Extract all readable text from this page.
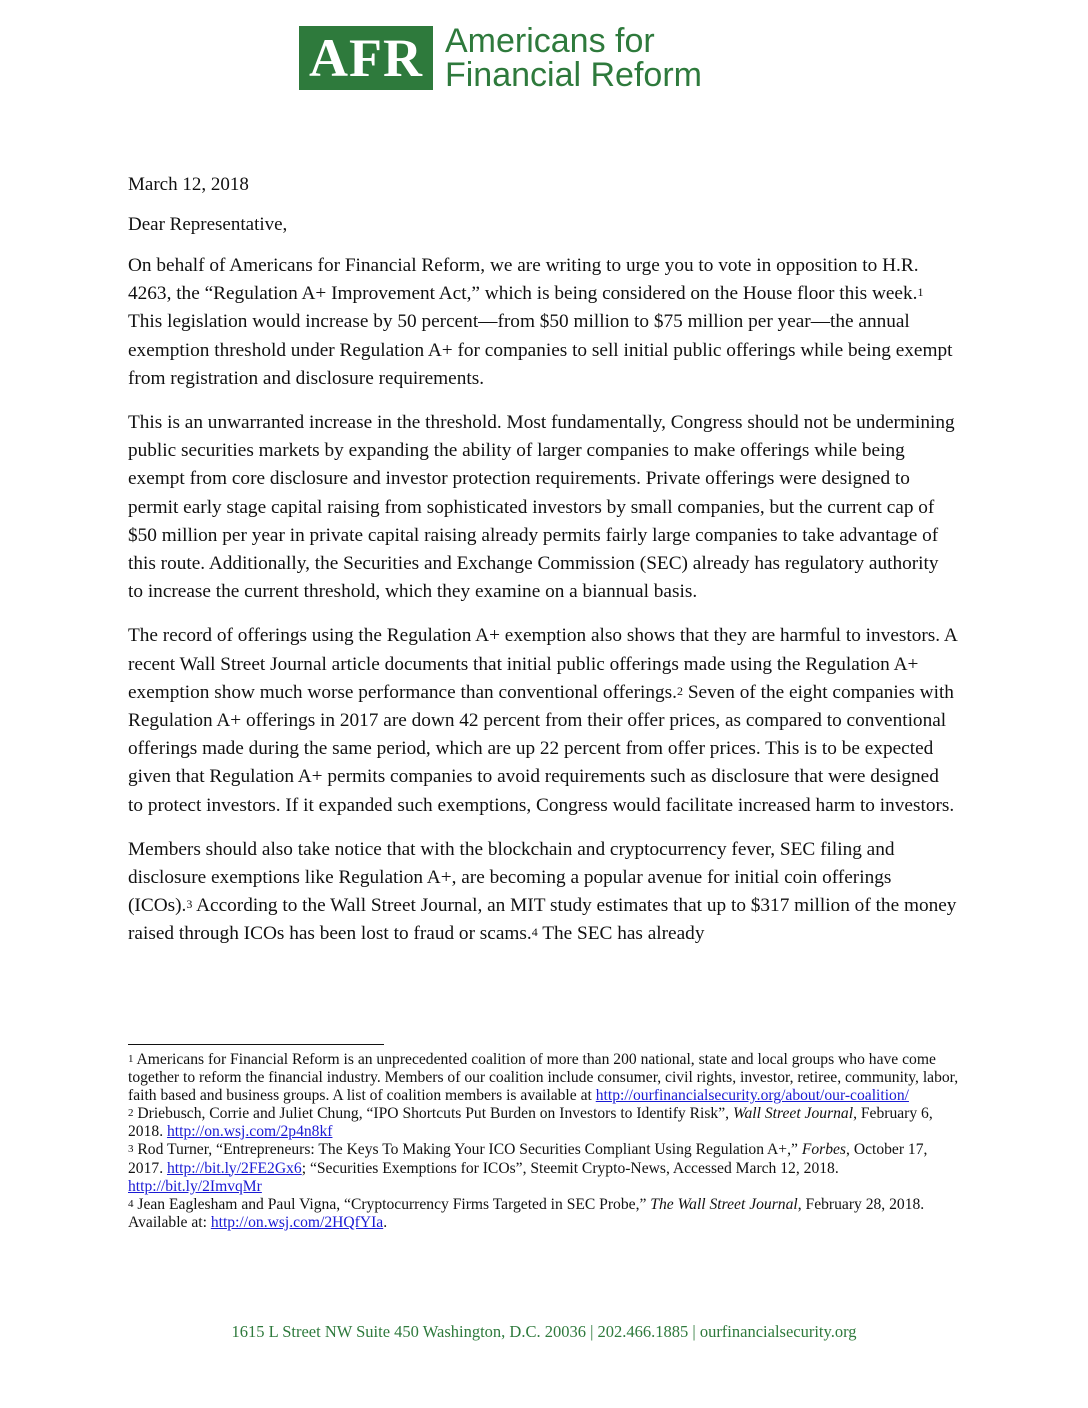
AFR Americans for
Financial Reform

March 12, 2018

Dear Representative,

On behalf of Americans for Financial Reform, we are writing to urge you to vote in opposition to H.R. 4263, the “Regulation A+ Improvement Act,” which is being considered on the House floor this week.$^1$ This legislation would increase by 50 percent—from $50 million to $75 million per year—the annual exemption threshold under Regulation A+ for companies to sell initial public offerings while being exempt from registration and disclosure requirements.

This is an unwarranted increase in the threshold. Most fundamentally, Congress should not be undermining public securities markets by expanding the ability of larger companies to make offerings while being exempt from core disclosure and investor protection requirements. Private offerings were designed to permit early stage capital raising from sophisticated investors by small companies, but the current cap of $50 million per year in private capital raising already permits fairly large companies to take advantage of this route. Additionally, the Securities and Exchange Commission (SEC) already has regulatory authority to increase the current threshold, which they examine on a biannual basis.

The record of offerings using the Regulation A+ exemption also shows that they are harmful to investors. A recent Wall Street Journal article documents that initial public offerings made using the Regulation A+ exemption show much worse performance than conventional offerings.$^2$ Seven of the eight companies with Regulation A+ offerings in 2017 are down 42 percent from their offer prices, as compared to conventional offerings made during the same period, which are up 22 percent from offer prices. This is to be expected given that Regulation A+ permits companies to avoid requirements such as disclosure that were designed to protect investors. If it expanded such exemptions, Congress would facilitate increased harm to investors.

Members should also take notice that with the blockchain and cryptocurrency fever, SEC filing and disclosure exemptions like Regulation A+, are becoming a popular avenue for initial coin offerings (ICOs).$^3$ According to the Wall Street Journal, an MIT study estimates that up to $317 million of the money raised through ICOs has been lost to fraud or scams.$^4$ The SEC has already

$^1$ Americans for Financial Reform is an unprecedented coalition of more than 200 national, state and local groups who have come together to reform the financial industry. Members of our coalition include consumer, civil rights, investor, retiree, community, labor, faith based and business groups. A list of coalition members is available at http://ourfinancialsecurity.org/about/our-coalition/

$^2$ Driebusch, Corrie and Juliet Chung, “IPO Shortcuts Put Burden on Investors to Identify Risk”, Wall Street Journal, February 6, 2018. http://on.wsj.com/2p4n8kf

$^3$ Rod Turner, “Entrepreneurs: The Keys To Making Your ICO Securities Compliant Using Regulation A+,” Forbes, October 17, 2017. http://bit.ly/2FE2Gx6; “Securities Exemptions for ICOs”, Steemit Crypto-News, Accessed March 12, 2018. http://bit.ly/2ImvqMr

$^4$ Jean Eaglesham and Paul Vigna, “Cryptocurrency Firms Targeted in SEC Probe,” The Wall Street Journal, February 28, 2018. Available at: http://on.wsj.com/2HQfYIa.

1615 L Street NW Suite 450 Washington, D.C. 20036 | 202.466.1885 | ourfinancialsecurity.org
